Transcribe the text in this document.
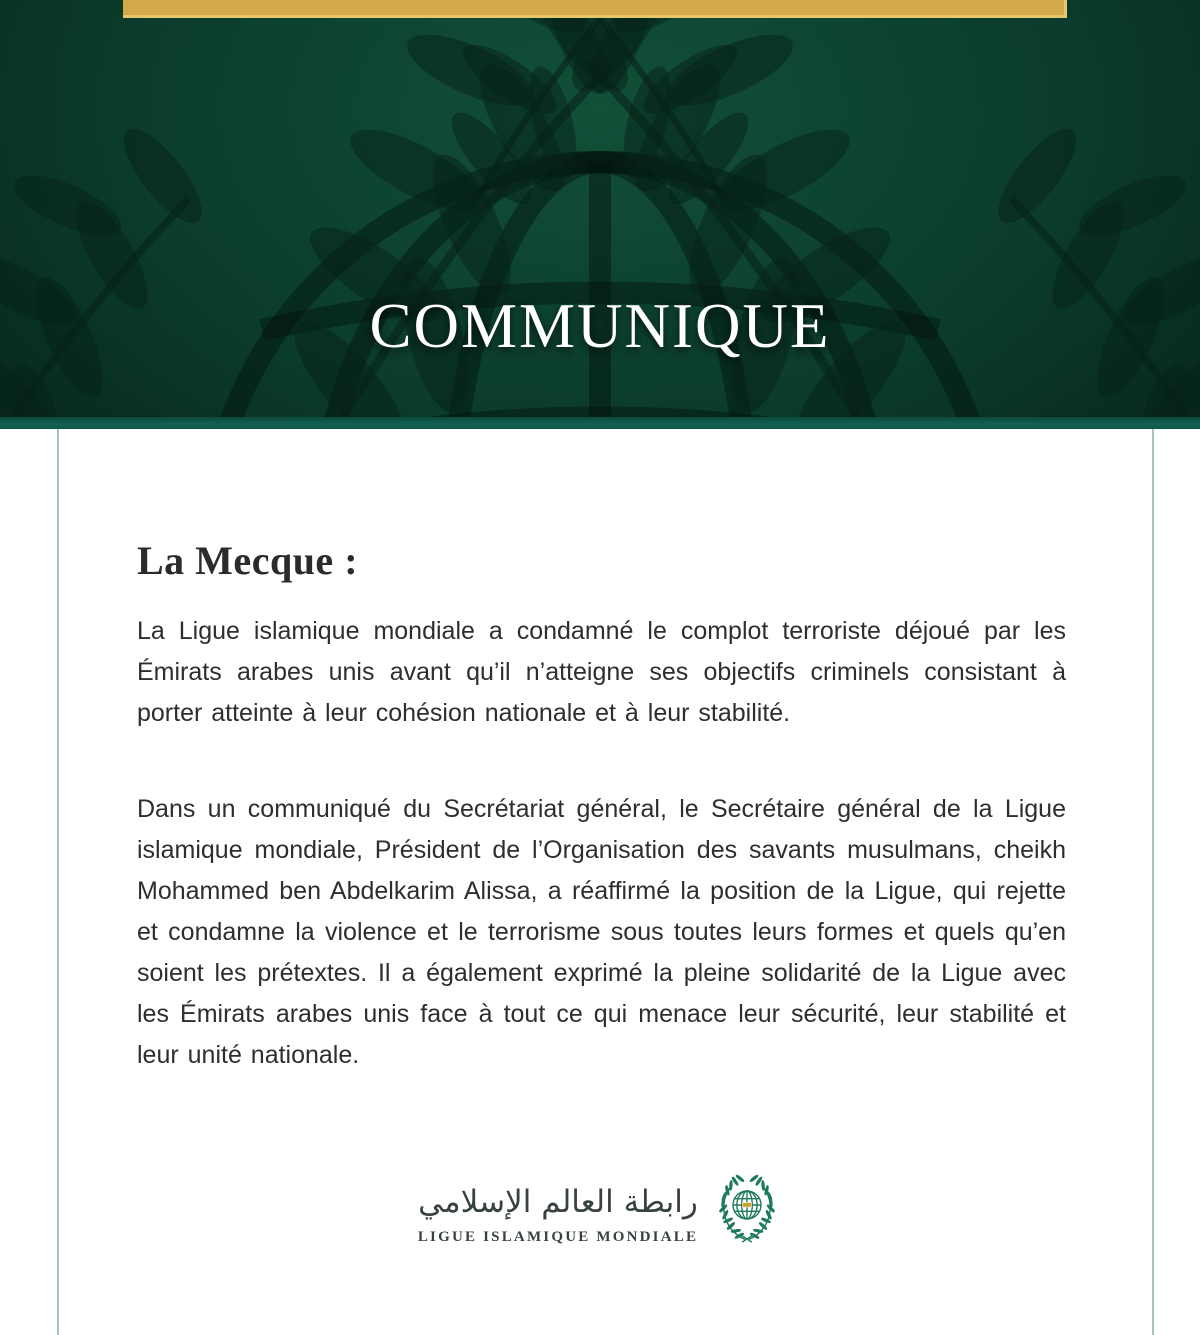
COMMUNIQUE
La Mecque :

La Ligue islamique mondiale a condamné le complot terroriste déjoué par les Émirats arabes unis avant qu’il n’atteigne ses objectifs criminels consistant à porter atteinte à leur cohésion nationale et à leur stabilité.

Dans un communiqué du Secrétariat général, le Secrétaire général de la Ligue islamique mondiale, Président de l’Organisation des savants musulmans, cheikh Mohammed ben Abdelkarim Alissa, a réaffirmé la position de la Ligue, qui rejette et condamne la violence et le terrorisme sous toutes leurs formes et quels qu’en soient les prétextes. Il a également exprimé la pleine solidarité de la Ligue avec les Émirats arabes unis face à tout ce qui menace leur sécurité, leur stabilité et leur unité nationale.

رابطة العالم الإسلامي
LIGUE ISLAMIQUE MONDIALE
